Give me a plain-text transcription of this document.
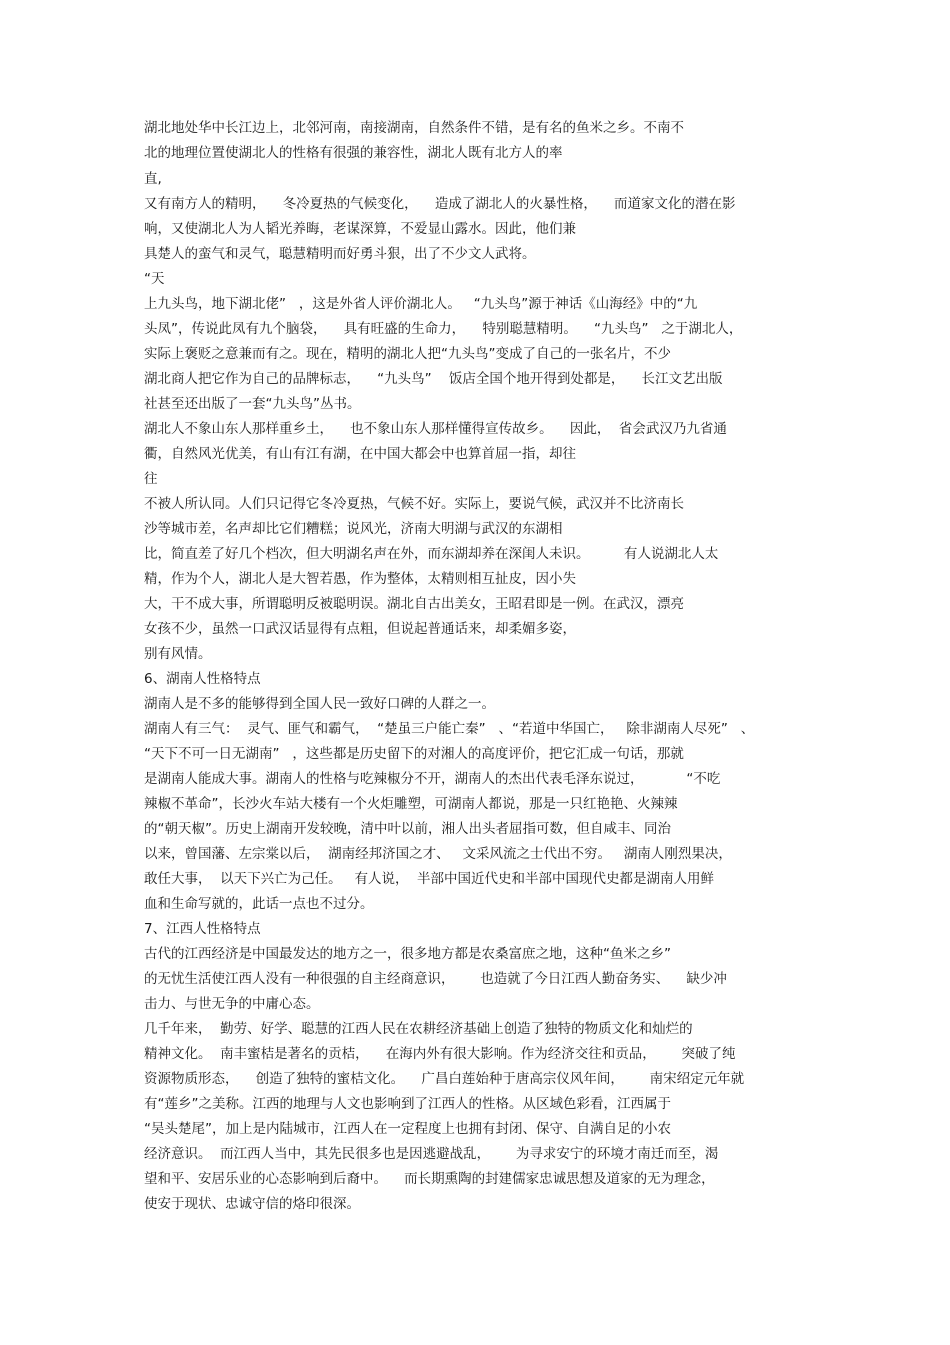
湖北地处华中长江边上，北邻河南，南接湖南，自然条件不错，是有名的鱼米之乡。不南不
北的地理位置使湖北人的性格有很强的兼容性，湖北人既有北方人的率
直,
又有南方人的精明，    冬冷夏热的气候变化，    造成了湖北人的火暴性格，    而道家文化的潜在影
响，又使湖北人为人韬光养晦，老谋深算，不爱显山露水。因此，他们兼
具楚人的蛮气和灵气，聪慧精明而好勇斗狠，出了不少文人武将。
“天
上九头鸟，地下湖北佬”   ，这是外省人评价湖北人。   “九头鸟”源于神话《山海经》中的“九
头凤”，传说此凤有九个脑袋，    具有旺盛的生命力，    特别聪慧精明。    “九头鸟”   之于湖北人，
实际上褒贬之意兼而有之。现在，精明的湖北人把“九头鸟”变成了自己的一张名片，不少
湖北商人把它作为自己的品牌标志，    “九头鸟”    饭店全国个地开得到处都是，    长江文艺出版
社甚至还出版了一套“九头鸟”丛书。
湖北人不象山东人那样重乡土，    也不象山东人那样懂得宣传故乡。    因此，  省会武汉乃九省通
衢，自然风光优美，有山有江有湖，在中国大都会中也算首屈一指，却往
往
不被人所认同。人们只记得它冬冷夏热，气候不好。实际上，要说气候，武汉并不比济南长
沙等城市差，名声却比它们糟糕；说风光，济南大明湖与武汉的东湖相
比，简直差了好几个档次，但大明湖名声在外，而东湖却养在深闺人未识。        有人说湖北人太
精，作为个人，湖北人是大智若愚，作为整体，太精则相互扯皮，因小失
大，干不成大事，所谓聪明反被聪明误。湖北自古出美女，王昭君即是一例。在武汉，漂亮
女孩不少，虽然一口武汉话显得有点粗，但说起普通话来，却柔媚多姿，
别有风情。
6、湖南人性格特点
湖南人是不多的能够得到全国人民一致好口碑的人群之一。
湖南人有三气：  灵气、匪气和霸气，  “楚虽三户能亡秦”   、“若道中华国亡，   除非湖南人尽死”   、
“天下不可一日无湖南”   ，这些都是历史留下的对湘人的高度评价，把它汇成一句话，那就
是湖南人能成大事。湖南人的性格与吃辣椒分不开，湖南人的杰出代表毛泽东说过，          “不吃
辣椒不革命”，长沙火车站大楼有一个火炬雕塑，可湖南人都说，那是一只红艳艳、火辣辣
的“朝天椒”。历史上湖南开发较晚，清中叶以前，湘人出头者屈指可数，但自咸丰、同治
以来，曾国藩、左宗棠以后，  湖南经邦济国之才、   文采风流之士代出不穷。   湖南人刚烈果决，
敢任大事，  以天下兴亡为己任。   有人说，  半部中国近代史和半部中国现代史都是湖南人用鲜
血和生命写就的，此话一点也不过分。
7、江西人性格特点
古代的江西经济是中国最发达的地方之一，很多地方都是农桑富庶之地，这种“鱼米之乡”
的无忧生活使江西人没有一种很强的自主经商意识，      也造就了今日江西人勤奋务实、    缺少冲
击力、与世无争的中庸心态。
几千年来，  勤劳、好学、聪慧的江西人民在农耕经济基础上创造了独特的物质文化和灿烂的
精神文化。  南丰蜜桔是著名的贡桔，    在海内外有很大影响。作为经济交往和贡品，      突破了纯
资源物质形态，    创造了独特的蜜桔文化。    广昌白莲始种于唐高宗仪风年间，      南宋绍定元年就
有“莲乡”之美称。江西的地理与人文也影响到了江西人的性格。从区域色彩看，江西属于
“吴头楚尾”，加上是内陆城市，江西人在一定程度上也拥有封闭、保守、自满自足的小农
经济意识。  而江西人当中，其先民很多也是因逃避战乱，      为寻求安宁的环境才南迁而至，渴
望和平、安居乐业的心态影响到后裔中。    而长期熏陶的封建儒家忠诚思想及道家的无为理念，
使安于现状、忠诚守信的烙印很深。
